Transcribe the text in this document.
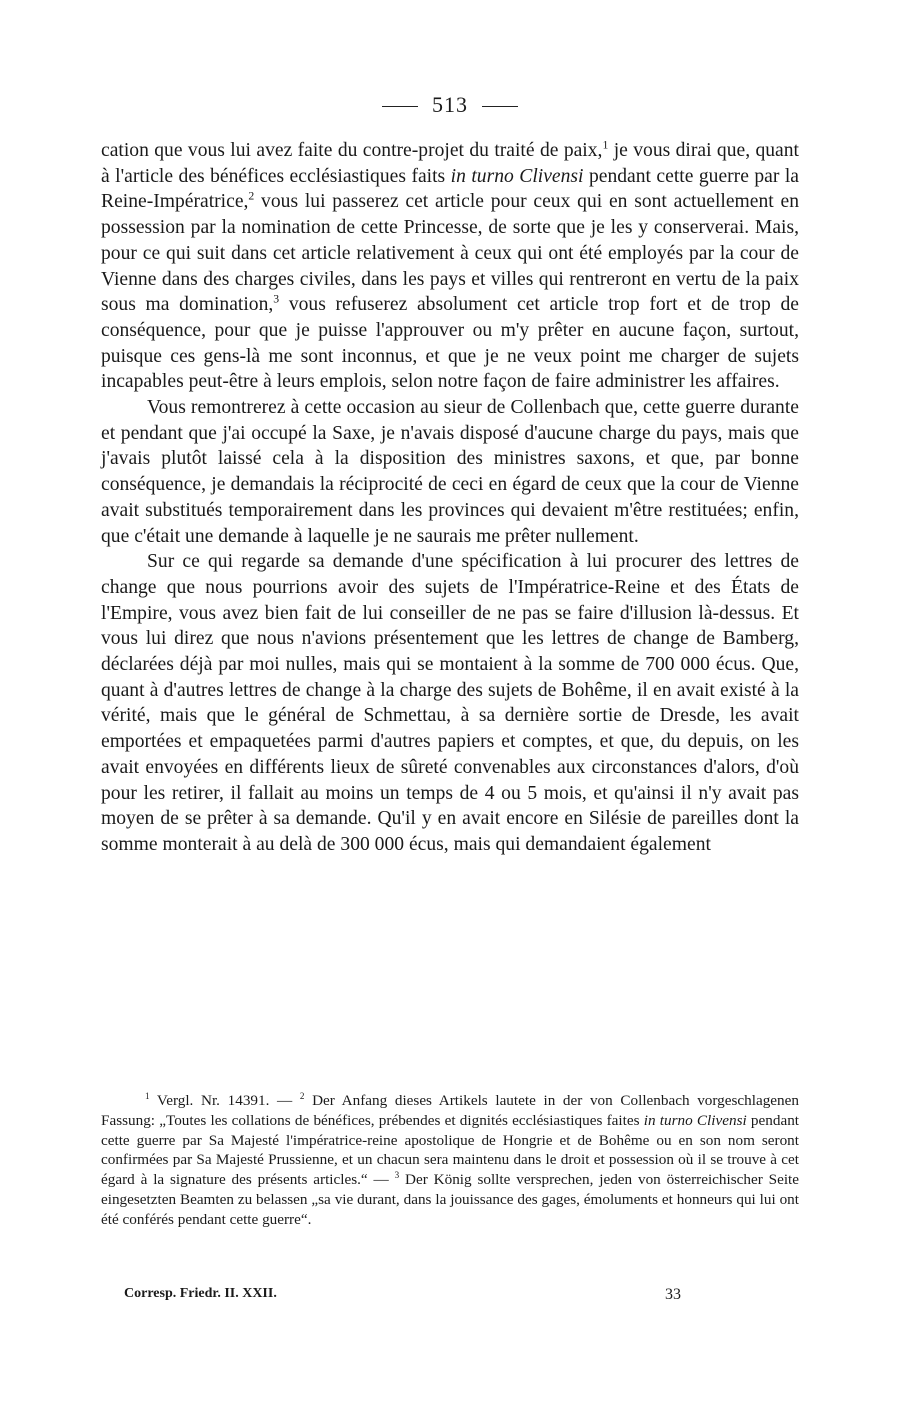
513

cation que vous lui avez faite du contre-projet du traité de paix,$^1$ je vous dirai que, quant à l'article des bénéfices ecclésiastiques faits in turno Clivensi pendant cette guerre par la Reine-Impératrice,$^2$ vous lui passerez cet article pour ceux qui en sont actuellement en possession par la nomination de cette Princesse, de sorte que je les y conserverai. Mais, pour ce qui suit dans cet article relativement à ceux qui ont été employés par la cour de Vienne dans des charges civiles, dans les pays et villes qui rentreront en vertu de la paix sous ma domination,$^3$ vous refuserez absolument cet article trop fort et de trop de conséquence, pour que je puisse l'approuver ou m'y prêter en aucune façon, surtout, puisque ces gens-là me sont inconnus, et que je ne veux point me charger de sujets incapables peut-être à leurs emplois, selon notre façon de faire administrer les affaires.

Vous remontrerez à cette occasion au sieur de Collenbach que, cette guerre durante et pendant que j'ai occupé la Saxe, je n'avais disposé d'aucune charge du pays, mais que j'avais plutôt laissé cela à la disposition des ministres saxons, et que, par bonne conséquence, je demandais la réciprocité de ceci en égard de ceux que la cour de Vienne avait substitués temporairement dans les provinces qui devaient m'être restituées; enfin, que c'était une demande à laquelle je ne saurais me prêter nullement.

Sur ce qui regarde sa demande d'une spécification à lui procurer des lettres de change que nous pourrions avoir des sujets de l'Impératrice-Reine et des États de l'Empire, vous avez bien fait de lui conseiller de ne pas se faire d'illusion là-dessus. Et vous lui direz que nous n'avions présentement que les lettres de change de Bamberg, déclarées déjà par moi nulles, mais qui se montaient à la somme de 700 000 écus. Que, quant à d'autres lettres de change à la charge des sujets de Bohême, il en avait existé à la vérité, mais que le général de Schmettau, à sa dernière sortie de Dresde, les avait emportées et empaquetées parmi d'autres papiers et comptes, et que, du depuis, on les avait envoyées en différents lieux de sûreté convenables aux circonstances d'alors, d'où pour les retirer, il fallait au moins un temps de 4 ou 5 mois, et qu'ainsi il n'y avait pas moyen de se prêter à sa demande. Qu'il y en avait encore en Silésie de pareilles dont la somme monterait à au delà de 300 000 écus, mais qui demandaient également

$^1$ Vergl. Nr. 14391. — $^2$ Der Anfang dieses Artikels lautete in der von Collenbach vorgeschlagenen Fassung: „Toutes les collations de bénéfices, prébendes et dignités ecclésiastiques faites in turno Clivensi pendant cette guerre par Sa Majesté l'impératrice-reine apostolique de Hongrie et de Bohême ou en son nom seront confirmées par Sa Majesté Prussienne, et un chacun sera maintenu dans le droit et possession où il se trouve à cet égard à la signature des présents articles.“ — $^3$ Der König sollte versprechen, jeden von österreichischer Seite eingesetzten Beamten zu belassen „sa vie durant, dans la jouissance des gages, émoluments et honneurs qui lui ont été conférés pendant cette guerre“.

Corresp. Friedr. II. XXII.	33
